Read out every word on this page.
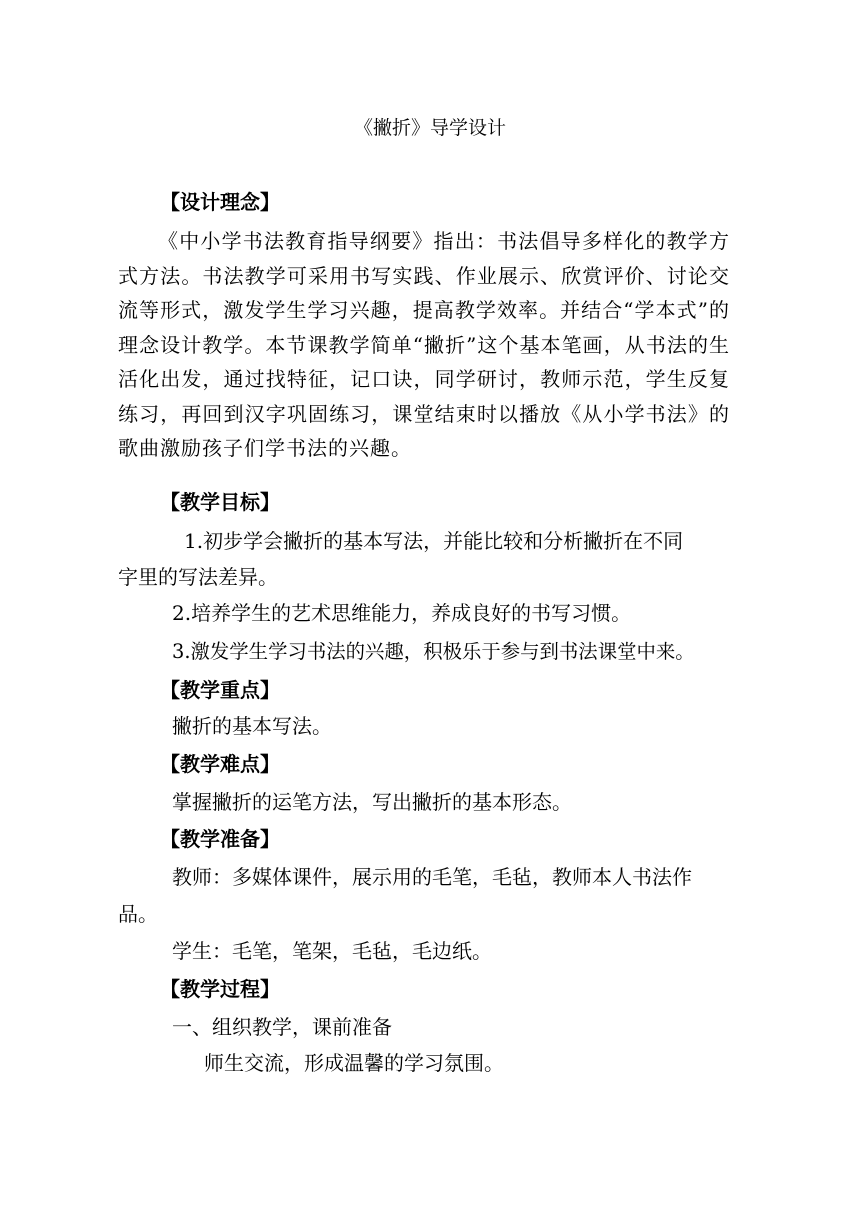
《撇折》导学设计
【设计理念】
《中小学书法教育指导纲要》指出：书法倡导多样化的教学方式方法。书法教学可采用书写实践、作业展示、欣赏评价、讨论交流等形式，激发学生学习兴趣，提高教学效率。并结合“学本式”的理念设计教学。本节课教学简单“撇折”这个基本笔画，从书法的生活化出发，通过找特征，记口诀，同学研讨，教师示范，学生反复练习，再回到汉字巩固练习，课堂结束时以播放《从小学书法》的歌曲激励孩子们学书法的兴趣。
【教学目标】
1.初步学会撇折的基本写法，并能比较和分析撇折在不同
字里的写法差异。
2.培养学生的艺术思维能力，养成良好的书写习惯。
3.激发学生学习书法的兴趣，积极乐于参与到书法课堂中来。
【教学重点】
撇折的基本写法。
【教学难点】
掌握撇折的运笔方法，写出撇折的基本形态。
【教学准备】
教师：多媒体课件，展示用的毛笔，毛毡，教师本人书法作
品。
学生：毛笔，笔架，毛毡，毛边纸。
【教学过程】
一、组织教学，课前准备
师生交流，形成温馨的学习氛围。
